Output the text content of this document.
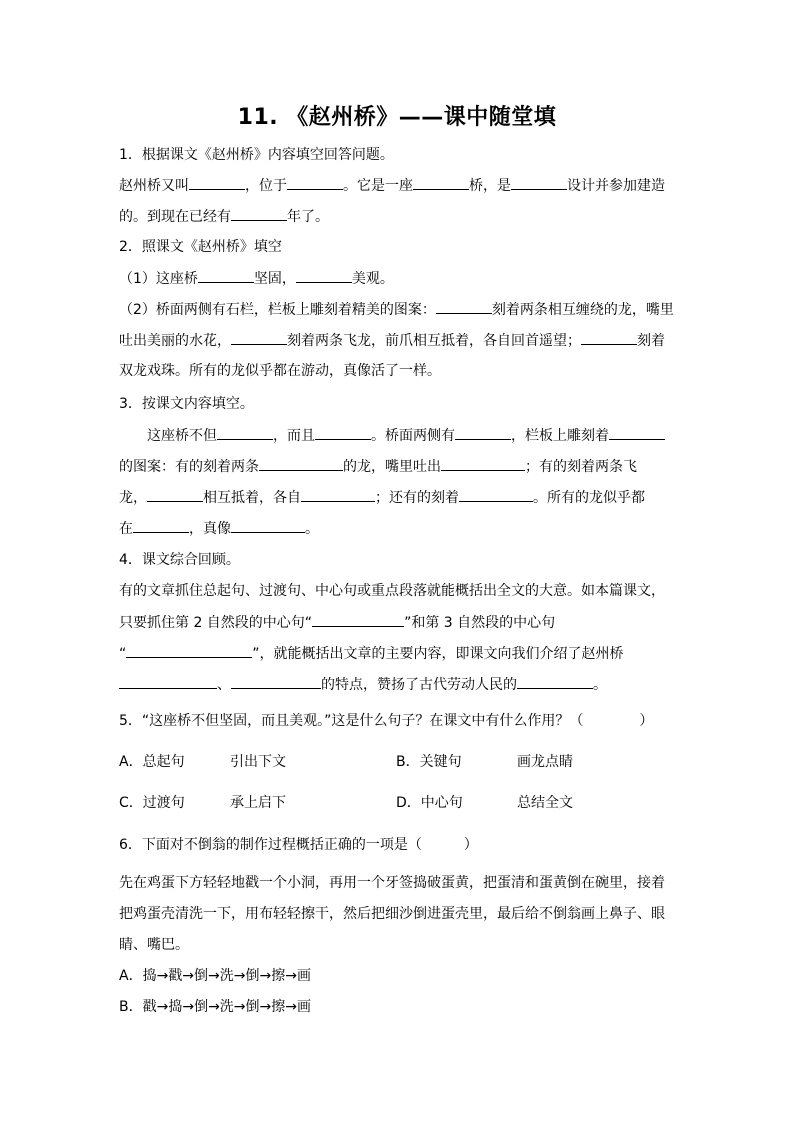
11. 《赵州桥》——课中随堂填
1．根据课文《赵州桥》内容填空回答问题。
赵州桥又叫	，位于	。它是一座	桥，是	设计并参加建造
的。到现在已经有	年了。
2．照课文《赵州桥》填空
（1）这座桥	坚固，	美观。
（2）桥面两侧有石栏，栏板上雕刻着精美的图案：	刻着两条相互缠绕的龙，嘴里
吐出美丽的水花，	刻着两条飞龙，前爪相互抵着，各自回首遥望；	刻着
双龙戏珠。所有的龙似乎都在游动，真像活了一样。
3．按课文内容填空。
这座桥不但	，而且	。桥面两侧有	，栏板上雕刻着
的图案：有的刻着两条	的龙，嘴里吐出	；有的刻着两条飞
龙，	相互抵着，各自	；还有的刻着	。所有的龙似乎都
在	，真像	。
4．课文综合回顾。
有的文章抓住总起句、过渡句、中心句或重点段落就能概括出全文的大意。如本篇课文，
只要抓住第 2 自然段的中心句“	”和第 3 自然段的中心句
“	”，就能概括出文章的主要内容，即课文向我们介绍了赵州桥
、	的特点，赞扬了古代劳动人民的	。
5．“这座桥不但坚固，而且美观。”这是什么句子？在课文中有什么作用？（　　　　）
A．总起句	引出下文	B．关键句	画龙点睛
C．过渡句	承上启下	D．中心句	总结全文
6．下面对不倒翁的制作过程概括正确的一项是（　　　）
先在鸡蛋下方轻轻地戳一个小洞，再用一个牙签捣破蛋黄，把蛋清和蛋黄倒在碗里，接着
把鸡蛋壳清洗一下，用布轻轻擦干，然后把细沙倒进蛋壳里，最后给不倒翁画上鼻子、眼
睛、嘴巴。
A．捣→戳→倒→洗→倒→擦→画
B．戳→捣→倒→洗→倒→擦→画
